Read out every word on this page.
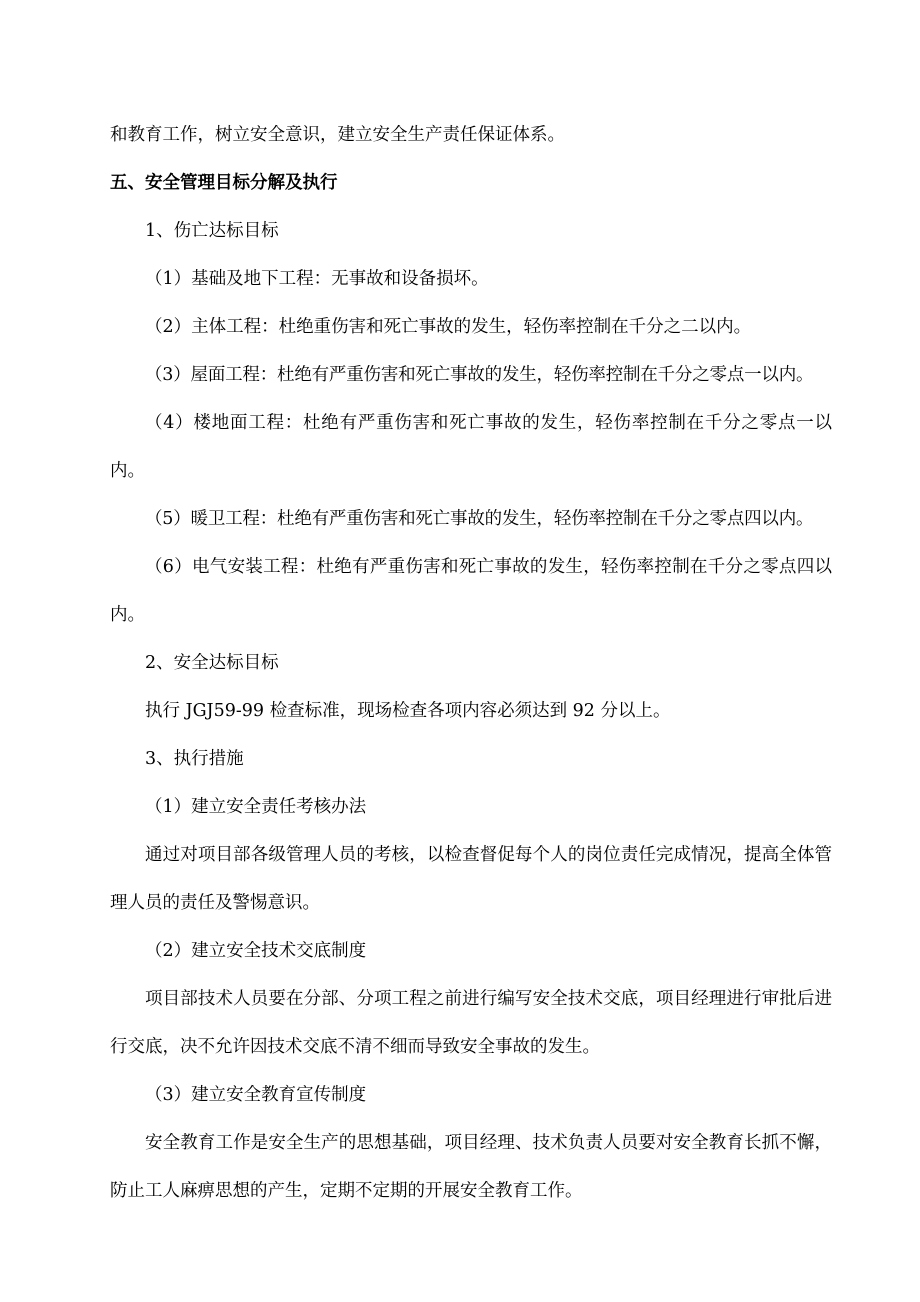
和教育工作，树立安全意识，建立安全生产责任保证体系。

五、安全管理目标分解及执行

1、伤亡达标目标

（1）基础及地下工程：无事故和设备损坏。

（2）主体工程：杜绝重伤害和死亡事故的发生，轻伤率控制在千分之二以内。

（3）屋面工程：杜绝有严重伤害和死亡事故的发生，轻伤率控制在千分之零点一以内。

（4）楼地面工程：杜绝有严重伤害和死亡事故的发生，轻伤率控制在千分之零点一以内。

（5）暖卫工程：杜绝有严重伤害和死亡事故的发生，轻伤率控制在千分之零点四以内。

（6）电气安装工程：杜绝有严重伤害和死亡事故的发生，轻伤率控制在千分之零点四以内。

2、安全达标目标

执行 JGJ59-99 检查标准，现场检查各项内容必须达到 92 分以上。

3、执行措施

（1）建立安全责任考核办法

通过对项目部各级管理人员的考核，以检查督促每个人的岗位责任完成情况，提高全体管理人员的责任及警惕意识。

（2）建立安全技术交底制度

项目部技术人员要在分部、分项工程之前进行编写安全技术交底，项目经理进行审批后进行交底，决不允许因技术交底不清不细而导致安全事故的发生。

（3）建立安全教育宣传制度

安全教育工作是安全生产的思想基础，项目经理、技术负责人员要对安全教育长抓不懈，防止工人麻痹思想的产生，定期不定期的开展安全教育工作。
